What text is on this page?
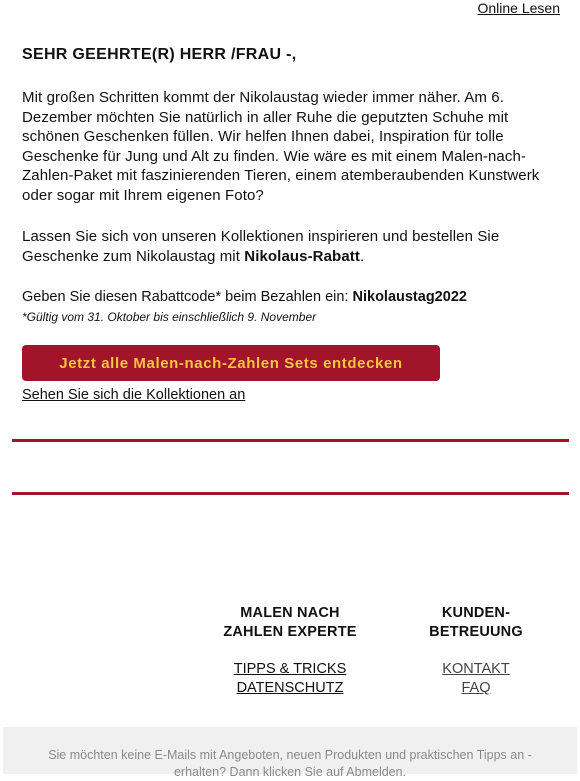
Online Lesen

SEHR GEEHRTE(R) HERR /FRAU -,

Mit großen Schritten kommt der Nikolaustag wieder immer näher. Am 6. Dezember möchten Sie natürlich in aller Ruhe die geputzten Schuhe mit schönen Geschenken füllen. Wir helfen Ihnen dabei, Inspiration für tolle Geschenke für Jung und Alt zu finden. Wie wäre es mit einem Malen-nach-Zahlen-Paket mit faszinierenden Tieren, einem atemberaubenden Kunstwerk oder sogar mit Ihrem eigenen Foto?

Lassen Sie sich von unseren Kollektionen inspirieren und bestellen Sie Geschenke zum Nikolaustag mit Nikolaus-Rabatt.

Geben Sie diesen Rabattcode* beim Bezahlen ein: Nikolaustag2022

*Gültig vom 31. Oktober bis einschließlich 9. November

Jetzt alle Malen-nach-Zahlen Sets entdecken
Sehen Sie sich die Kollektionen an

MALEN NACH
ZAHLEN EXPERTE

TIPPS & TRICKS
DATENSCHUTZ

KUNDEN-
BETREUUNG

KONTAKT
FAQ
Sie möchten keine E-Mails mit Angeboten, neuen Produkten und praktischen Tipps an -
erhalten? Dann klicken Sie auf Abmelden.
